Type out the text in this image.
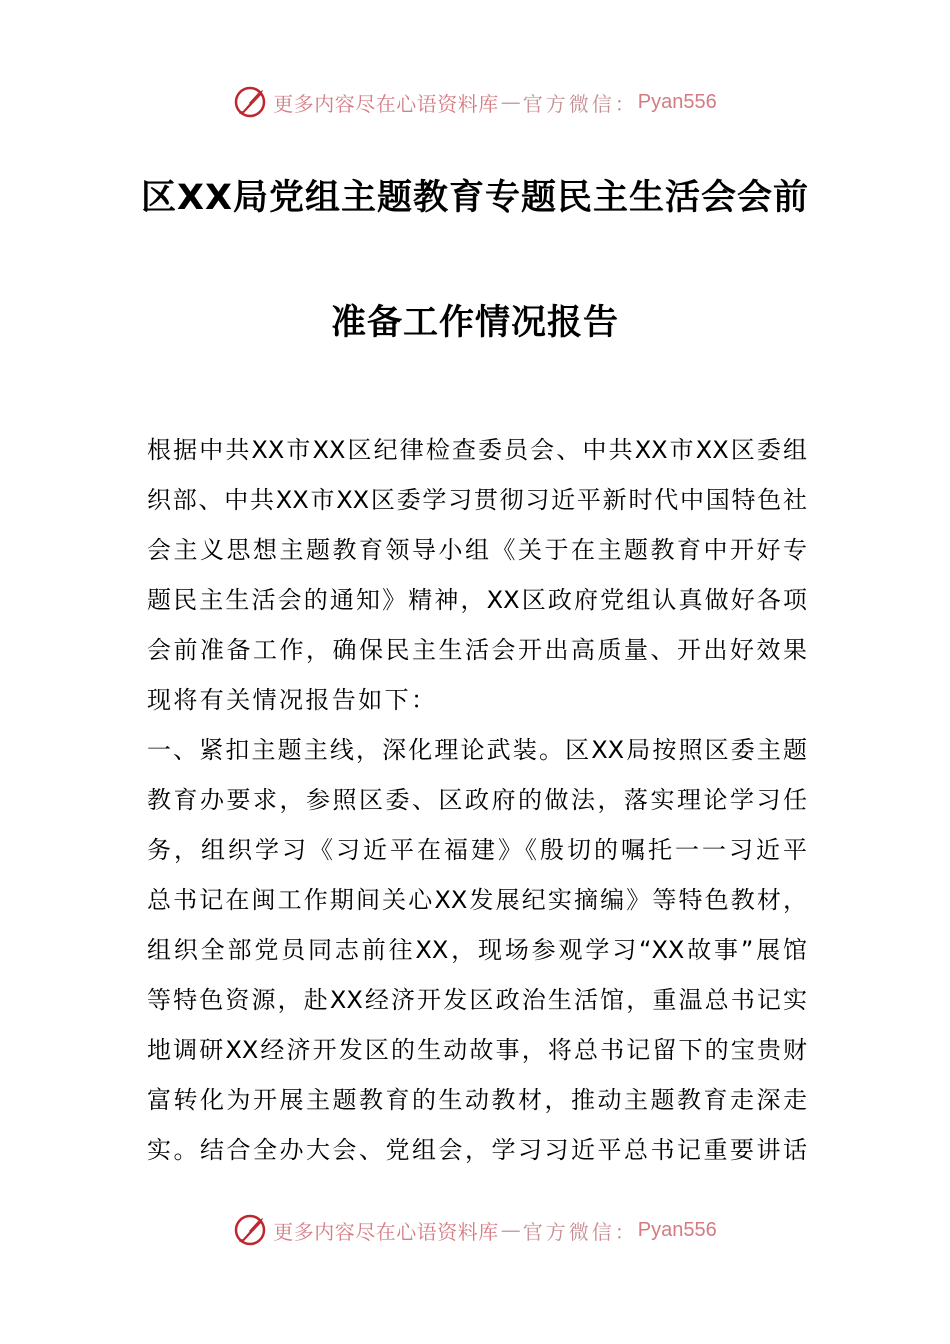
更多内容尽在心语资料库 — 官方微信： Pyan556
区XX局党组主题教育专题民主生活会会前
准备工作情况报告
根据中共XX市XX区纪律检查委员会、中共XX市XX区委组
织部、中共XX市XX区委学习贯彻习近平新时代中国特色社
会主义思想主题教育领导小组《关于在主题教育中开好专
题民主生活会的通知》精神，XX区政府党组认真做好各项
会前准备工作，确保民主生活会开出高质量、开出好效果
现将有关情况报告如下：
一、紧扣主题主线，深化理论武装。区XX局按照区委主题
教育办要求，参照区委、区政府的做法，落实理论学习任
务，组织学习《习近平在福建》《殷切的嘱托一一习近平
总书记在闽工作期间关心XX发展纪实摘编》等特色教材，
组织全部党员同志前往XX，现场参观学习“XX故事”展馆
等特色资源，赴XX经济开发区政治生活馆，重温总书记实
地调研XX经济开发区的生动故事，将总书记留下的宝贵财
富转化为开展主题教育的生动教材，推动主题教育走深走
实。结合全办大会、党组会，学习习近平总书记重要讲话
更多内容尽在心语资料库 — 官方微信： Pyan556
